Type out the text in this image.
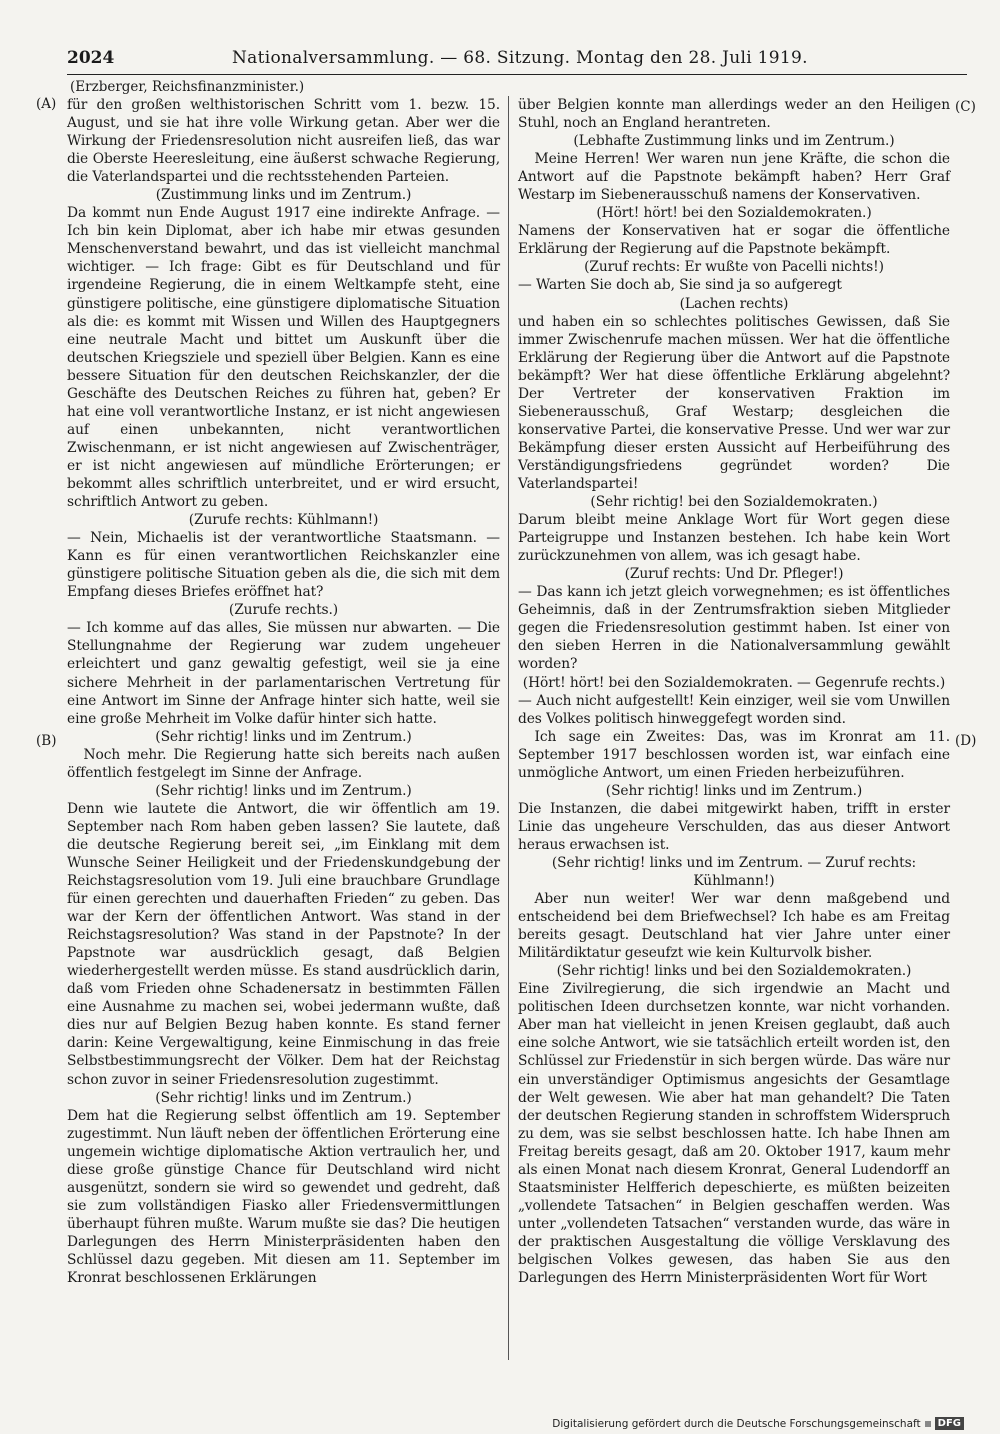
2024	Nationalversammlung. — 68. Sitzung. Montag den 28. Juli 1919.
(Erzberger, Reichsfinanzminister.)
(A)
(B)
(C)
(D)

für den großen welthistorischen Schritt vom 1. bezw. 15. August, und sie hat ihre volle Wirkung getan. Aber wer die Wirkung der Friedensresolution nicht ausreifen ließ, das war die Oberste Heeresleitung, eine äußerst schwache Regierung, die Vaterlandspartei und die rechtsstehenden Parteien.

(Zustimmung links und im Zentrum.)

Da kommt nun Ende August 1917 eine indirekte Anfrage. — Ich bin kein Diplomat, aber ich habe mir etwas gesunden Menschenverstand bewahrt, und das ist vielleicht manchmal wichtiger. — Ich frage: Gibt es für Deutschland und für irgendeine Regierung, die in einem Weltkampfe steht, eine günstigere politische, eine günstigere diplomatische Situation als die: es kommt mit Wissen und Willen des Hauptgegners eine neutrale Macht und bittet um Auskunft über die deutschen Kriegsziele und speziell über Belgien. Kann es eine bessere Situation für den deutschen Reichskanzler, der die Geschäfte des Deutschen Reiches zu führen hat, geben? Er hat eine voll verantwortliche Instanz, er ist nicht angewiesen auf einen unbekannten, nicht verantwortlichen Zwischenmann, er ist nicht angewiesen auf Zwischenträger, er ist nicht angewiesen auf mündliche Erörterungen; er bekommt alles schriftlich unterbreitet, und er wird ersucht, schriftlich Antwort zu geben.

(Zurufe rechts: Kühlmann!)

— Nein, Michaelis ist der verantwortliche Staatsmann. — Kann es für einen verantwortlichen Reichskanzler eine günstigere politische Situation geben als die, die sich mit dem Empfang dieses Briefes eröffnet hat?

(Zurufe rechts.)

— Ich komme auf das alles, Sie müssen nur abwarten. — Die Stellungnahme der Regierung war zudem ungeheuer erleichtert und ganz gewaltig gefestigt, weil sie ja eine sichere Mehrheit in der parlamentarischen Vertretung für eine Antwort im Sinne der Anfrage hinter sich hatte, weil sie eine große Mehrheit im Volke dafür hinter sich hatte.

(Sehr richtig! links und im Zentrum.)

Noch mehr. Die Regierung hatte sich bereits nach außen öffentlich festgelegt im Sinne der Anfrage.

(Sehr richtig! links und im Zentrum.)

Denn wie lautete die Antwort, die wir öffentlich am 19. September nach Rom haben geben lassen? Sie lautete, daß die deutsche Regierung bereit sei, „im Einklang mit dem Wunsche Seiner Heiligkeit und der Friedenskundgebung der Reichstagsresolution vom 19. Juli eine brauchbare Grundlage für einen gerechten und dauerhaften Frieden“ zu geben. Das war der Kern der öffentlichen Antwort. Was stand in der Reichstagsresolution? Was stand in der Papstnote? In der Papstnote war ausdrücklich gesagt, daß Belgien wiederhergestellt werden müsse. Es stand ausdrücklich darin, daß vom Frieden ohne Schadenersatz in bestimmten Fällen eine Ausnahme zu machen sei, wobei jedermann wußte, daß dies nur auf Belgien Bezug haben konnte. Es stand ferner darin: Keine Vergewaltigung, keine Einmischung in das freie Selbstbestimmungsrecht der Völker. Dem hat der Reichstag schon zuvor in seiner Friedensresolution zugestimmt.

(Sehr richtig! links und im Zentrum.)

Dem hat die Regierung selbst öffentlich am 19. September zugestimmt. Nun läuft neben der öffentlichen Erörterung eine ungemein wichtige diplomatische Aktion vertraulich her, und diese große günstige Chance für Deutschland wird nicht ausgenützt, sondern sie wird so gewendet und gedreht, daß sie zum vollständigen Fiasko aller Friedensvermittlungen überhaupt führen mußte. Warum mußte sie das? Die heutigen Darlegungen des Herrn Ministerpräsidenten haben den Schlüssel dazu gegeben. Mit diesen am 11. September im Kronrat beschlossenen Erklärungen

über Belgien konnte man allerdings weder an den Heiligen Stuhl, noch an England herantreten.

(Lebhafte Zustimmung links und im Zentrum.)

Meine Herren! Wer waren nun jene Kräfte, die schon die Antwort auf die Papstnote bekämpft haben? Herr Graf Westarp im Siebenerausschuß namens der Konservativen.

(Hört! hört! bei den Sozialdemokraten.)

Namens der Konservativen hat er sogar die öffentliche Erklärung der Regierung auf die Papstnote bekämpft.

(Zuruf rechts: Er wußte von Pacelli nichts!)

— Warten Sie doch ab, Sie sind ja so aufgeregt

(Lachen rechts)

und haben ein so schlechtes politisches Gewissen, daß Sie immer Zwischenrufe machen müssen. Wer hat die öffentliche Erklärung der Regierung über die Antwort auf die Papstnote bekämpft? Wer hat diese öffentliche Erklärung abgelehnt? Der Vertreter der konservativen Fraktion im Siebenerausschuß, Graf Westarp; desgleichen die konservative Partei, die konservative Presse. Und wer war zur Bekämpfung dieser ersten Aussicht auf Herbeiführung des Verständigungsfriedens gegründet worden? Die Vaterlandspartei!

(Sehr richtig! bei den Sozialdemokraten.)

Darum bleibt meine Anklage Wort für Wort gegen diese Parteigruppe und Instanzen bestehen. Ich habe kein Wort zurückzunehmen von allem, was ich gesagt habe.

(Zuruf rechts: Und Dr. Pfleger!)

— Das kann ich jetzt gleich vorwegnehmen; es ist öffentliches Geheimnis, daß in der Zentrumsfraktion sieben Mitglieder gegen die Friedensresolution gestimmt haben. Ist einer von den sieben Herren in die Nationalversammlung gewählt worden?

(Hört! hört! bei den Sozialdemokraten. — Gegenrufe rechts.)

— Auch nicht aufgestellt! Kein einziger, weil sie vom Unwillen des Volkes politisch hinweggefegt worden sind.

Ich sage ein Zweites: Das, was im Kronrat am 11. September 1917 beschlossen worden ist, war einfach eine unmögliche Antwort, um einen Frieden herbeizuführen.

(Sehr richtig! links und im Zentrum.)

Die Instanzen, die dabei mitgewirkt haben, trifft in erster Linie das ungeheure Verschulden, das aus dieser Antwort heraus erwachsen ist.

(Sehr richtig! links und im Zentrum. — Zuruf rechts: Kühlmann!)

Aber nun weiter! Wer war denn maßgebend und entscheidend bei dem Briefwechsel? Ich habe es am Freitag bereits gesagt. Deutschland hat vier Jahre unter einer Militärdiktatur geseufzt wie kein Kulturvolk bisher.

(Sehr richtig! links und bei den Sozialdemokraten.)

Eine Zivilregierung, die sich irgendwie an Macht und politischen Ideen durchsetzen konnte, war nicht vorhanden. Aber man hat vielleicht in jenen Kreisen geglaubt, daß auch eine solche Antwort, wie sie tatsächlich erteilt worden ist, den Schlüssel zur Friedenstür in sich bergen würde. Das wäre nur ein unverständiger Optimismus angesichts der Gesamtlage der Welt gewesen. Wie aber hat man gehandelt? Die Taten der deutschen Regierung standen in schroffstem Widerspruch zu dem, was sie selbst beschlossen hatte. Ich habe Ihnen am Freitag bereits gesagt, daß am 20. Oktober 1917, kaum mehr als einen Monat nach diesem Kronrat, General Ludendorff an Staatsminister Helfferich depeschierte, es müßten beizeiten „vollendete Tatsachen“ in Belgien geschaffen werden. Was unter „vollendeten Tatsachen“ verstanden wurde, das wäre in der praktischen Ausgestaltung die völlige Versklavung des belgischen Volkes gewesen, das haben Sie aus den Darlegungen des Herrn Ministerpräsidenten Wort für Wort

Digitalisierung gefördert durch die Deutsche Forschungsgemeinschaft	DFG
